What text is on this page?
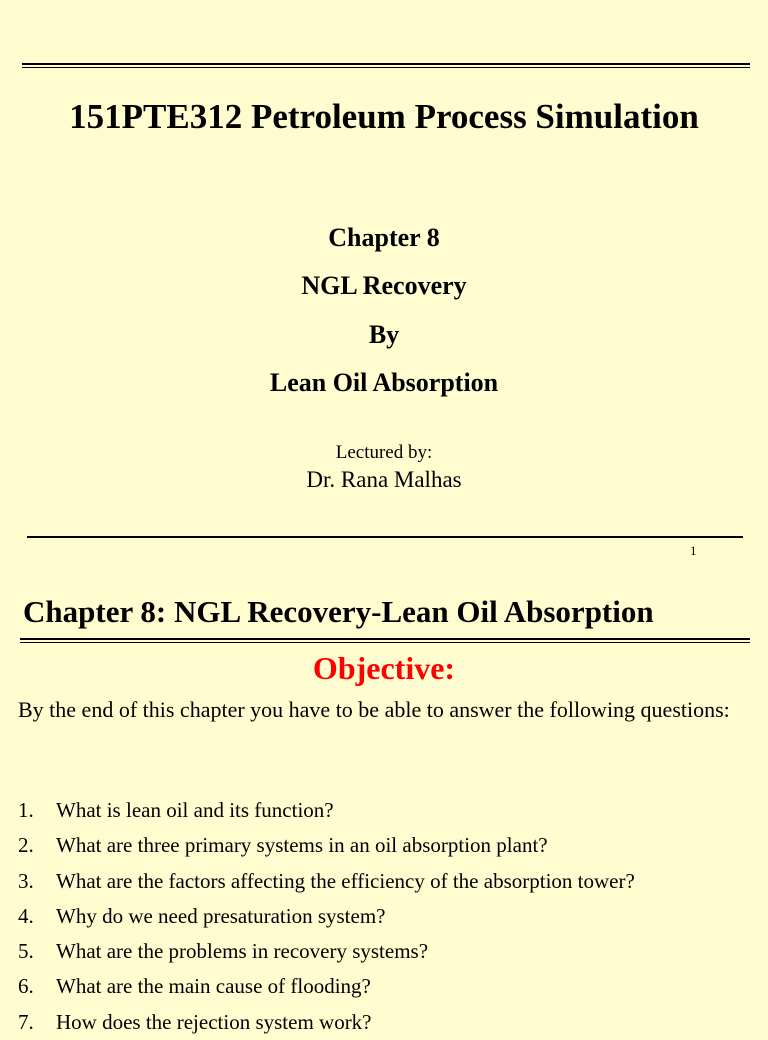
151PTE312 Petroleum Process Simulation
Chapter 8
NGL Recovery
By
Lean Oil Absorption
Lectured by:
Dr. Rana Malhas
1
Chapter 8: NGL Recovery-Lean Oil Absorption
Objective:
By the end of this chapter you have to be able to answer the following questions:
1.	What is lean oil and its function?
2.	What are three primary systems in an oil absorption plant?
3.	What are the factors affecting the efficiency of the absorption tower?
4.	Why do we need presaturation system?
5.	What are the problems in recovery systems?
6.	What are the main cause of flooding?
7.	How does the rejection system work?
